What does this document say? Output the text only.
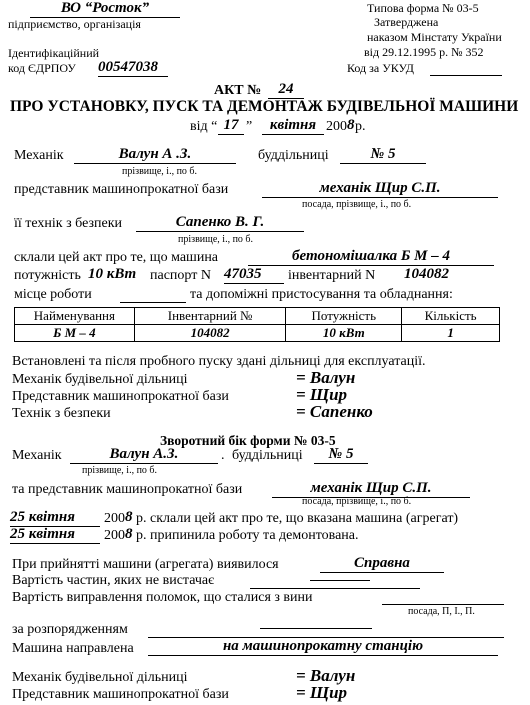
ВО “Росток”
підприємство, організація
Ідентифікаційний
код ЄДРПОУ 00547038
Типова форма № 03-5
Затверджена
наказом Мінстату України
від 29.12.1995 р. № 352
Код за УКУД
АКТ №	24
ПРО УСТАНОВКУ, ПУСК ТА ДЕМОНТАЖ БУДІВЕЛЬНОЇ МАШИНИ
від “ 17 ”	квітня 200 8 р.
Механік	Валун А .З.	буддільниці	№ 5
прізвище, і., по б.
представник машинопрокатної бази	механік Щир С.П.
посада, прізвище, і., по б.
її технік з безпеки	Сапенко В. Г.
прізвище, і., по б.
склали цей акт про те, що машина	бетономішалка Б М – 4
потужність 10 кВт паспорт N 47035	інвентарний N 104082
місце роботи	та допоміжні пристосування та обладнання:
Найменування	Інвентарний №	Потужність	Кількість
Б М – 4	104082	10 кВт	1
Встановлені та після пробного пуску здані дільниці для експлуатації.
Механік будівельної дільниці	= Валун
Представник машинопрокатної бази	= Щир
Технік з безпеки	= Сапенко
Зворотний бік форми № 03-5
Механік	Валун А.З.	. буддільниці	№ 5
прізвище, і., по б.
та представник машинопрокатної бази	механік Щир С.П.
посада, прізвище, і., по б.
25 квітня	200 8 р. склали цей акт про те, що вказана машина (агрегат)
25 квітня	200 8 р. припинила роботу та демонтована.
При прийнятті машини (агрегата) виявилося	Справна
Вартість частин, яких не вистачає
Вартість виправлення поломок, що сталися з вини
посада, П, І., П.
за розпорядженням
Машина направлена	на машинопрокатну станцію
Механік будівельної дільниці	= Валун
Представник машинопрокатної бази	= Щир
